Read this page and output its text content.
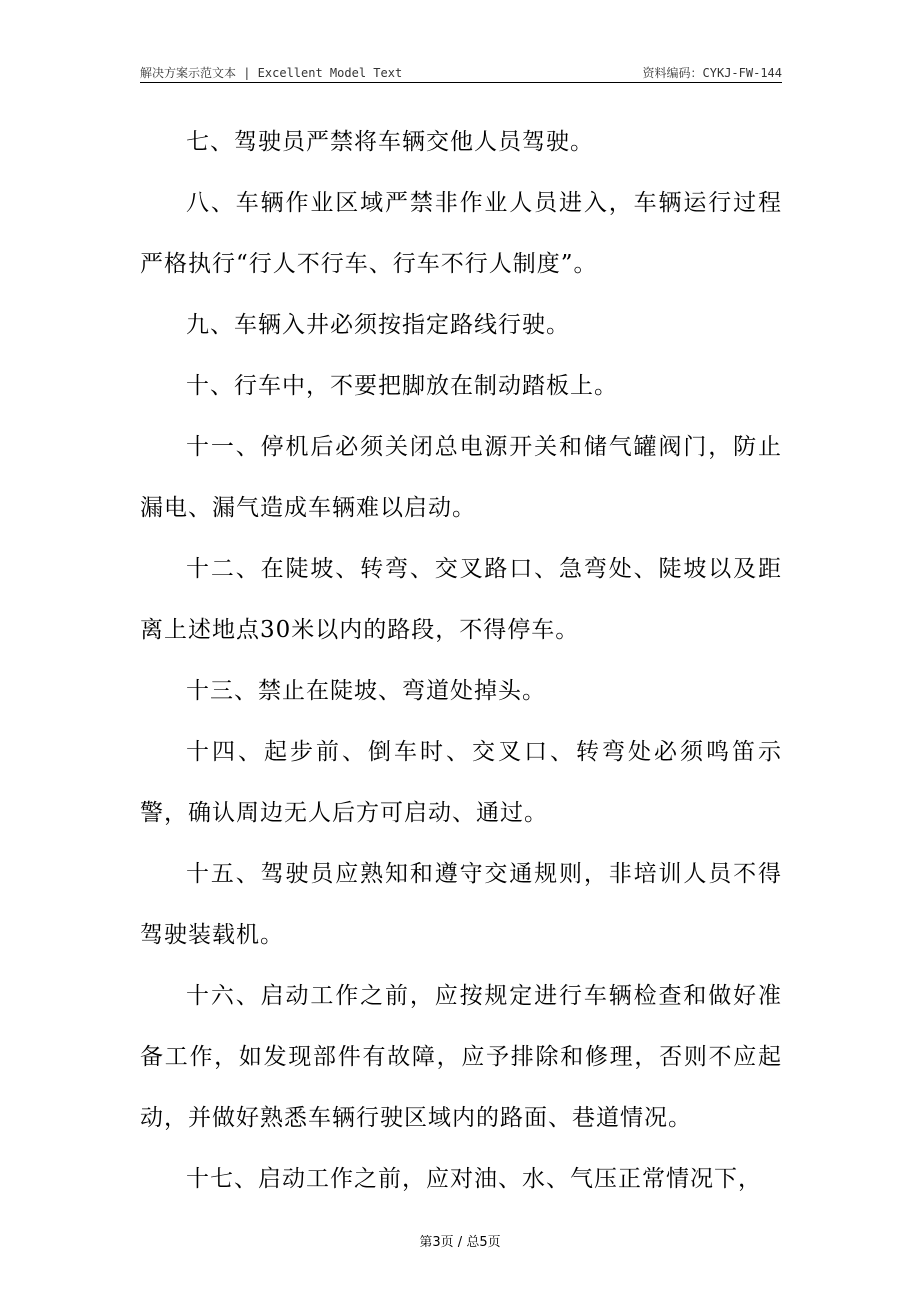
解决方案示范文本 | Excellent Model Text	资料编码：CYKJ-FW-144

七、驾驶员严禁将车辆交他人员驾驶。

八、车辆作业区域严禁非作业人员进入，车辆运行过程严格执行“行人不行车、行车不行人制度”。

九、车辆入井必须按指定路线行驶。

十、行车中，不要把脚放在制动踏板上。

十一、停机后必须关闭总电源开关和储气罐阀门，防止漏电、漏气造成车辆难以启动。

十二、在陡坡、转弯、交叉路口、急弯处、陡坡以及距离上述地点30米以内的路段，不得停车。

十三、禁止在陡坡、弯道处掉头。

十四、起步前、倒车时、交叉口、转弯处必须鸣笛示警，确认周边无人后方可启动、通过。

十五、驾驶员应熟知和遵守交通规则，非培训人员不得驾驶装载机。

十六、启动工作之前，应按规定进行车辆检查和做好准备工作，如发现部件有故障，应予排除和修理，否则不应起动，并做好熟悉车辆行驶区域内的路面、巷道情况。

十七、启动工作之前，应对油、水、气压正常情况下，

第3页 / 总5页
